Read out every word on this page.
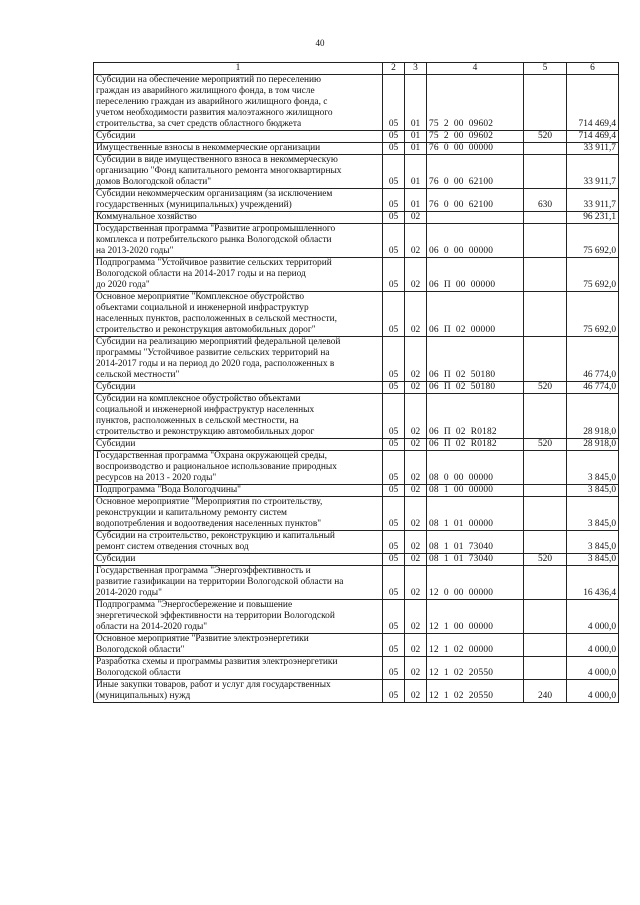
40
1	2	3	4	5	6
Субсидии на обеспечение мероприятий по переселению
граждан из аварийного жилищного фонда, в том числе
переселению граждан из аварийного жилищного фонда, с
учетом необходимости развития малоэтажного жилищного
строительства, за счет средств областного бюджета	05	01	75  2  00  09602		714 469,4
Субсидии	05	01	75  2  00  09602	520	714 469,4
Имущественные взносы в некоммерческие организации	05	01	76  0  00  00000		33 911,7
Субсидии в виде имущественного взноса в некоммерческую
организацию "Фонд капитального ремонта многоквартирных
домов Вологодской области"	05	01	76  0  00  62100		33 911,7
Субсидии некоммерческим организациям (за исключением
государственных (муниципальных) учреждений)	05	01	76  0  00  62100	630	33 911,7
Коммунальное хозяйство	05	02			96 231,1
Государственная программа "Развитие агропромышленного
комплекса и потребительского рынка Вологодской области
на 2013-2020 годы"	05	02	06  0  00  00000		75 692,0
Подпрограмма "Устойчивое развитие сельских территорий
Вологодской области на 2014-2017 годы и на период
до 2020 года"	05	02	06  П  00  00000		75 692,0
Основное мероприятие "Комплексное обустройство
объектами социальной и инженерной инфраструктур
населенных пунктов, расположенных в сельской местности,
строительство и реконструкция автомобильных дорог"	05	02	06  П  02  00000		75 692,0
Субсидии на реализацию мероприятий федеральной целевой
программы "Устойчивое развитие сельских территорий на
2014-2017 годы и на период до 2020 года, расположенных в
сельской местности"	05	02	06  П  02  50180		46 774,0
Субсидии	05	02	06  П  02  50180	520	46 774,0
Субсидии на комплексное обустройство объектами
социальной и инженерной инфраструктур населенных
пунктов, расположенных в сельской местности, на
строительство и реконструкцию автомобильных дорог	05	02	06  П  02  R0182		28 918,0
Субсидии	05	02	06  П  02  R0182	520	28 918,0
Государственная программа "Охрана окружающей среды,
воспроизводство и рациональное использование природных
ресурсов на 2013 - 2020 годы"	05	02	08  0  00  00000		3 845,0
Подпрограмма "Вода Вологодчины"	05	02	08  1  00  00000		3 845,0
Основное мероприятие "Мероприятия по строительству,
реконструкции и капитальному ремонту систем
водопотребления и водоотведения населенных пунктов"	05	02	08  1  01  00000		3 845,0
Субсидии на строительство, реконструкцию и капитальный
ремонт систем отведения сточных вод	05	02	08  1  01  73040		3 845,0
Субсидии	05	02	08  1  01  73040	520	3 845,0
Государственная программа "Энергоэффективность и
развитие газификации на территории Вологодской области на
2014-2020 годы"	05	02	12  0  00  00000		16 436,4
Подпрограмма "Энергосбережение и повышение
энергетической эффективности на территории Вологодской
области на 2014-2020 годы"	05	02	12  1  00  00000		4 000,0
Основное мероприятие "Развитие электроэнергетики
Вологодской области"	05	02	12  1  02  00000		4 000,0
Разработка схемы и программы развития электроэнергетики
Вологодской области	05	02	12  1  02  20550		4 000,0
Иные закупки товаров, работ и услуг для государственных
(муниципальных) нужд	05	02	12  1  02  20550	240	4 000,0
